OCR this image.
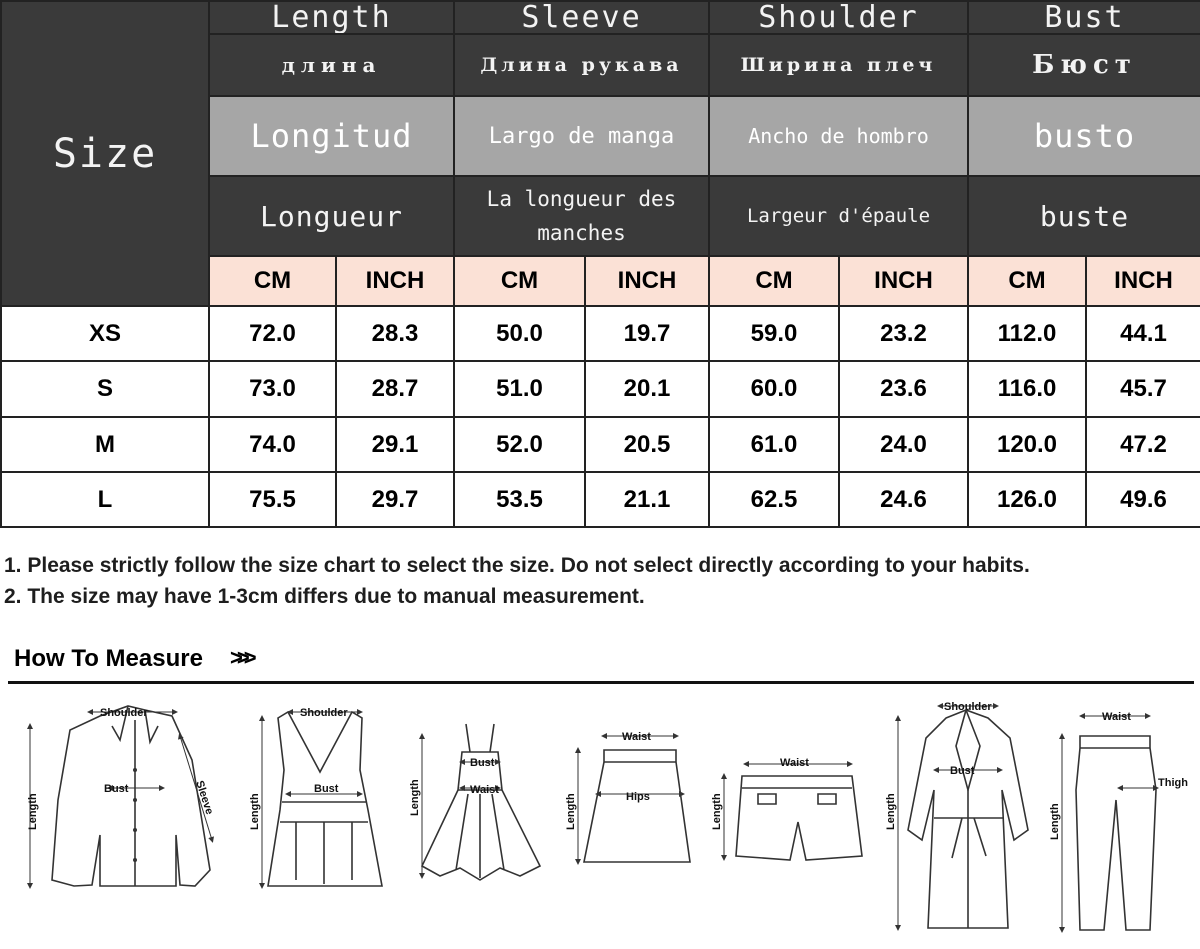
Size	Length		Sleeve		Shoulder		Bust	
	длина		Длина рукава		Ширина плеч		Бюст	
	Longitud		Largo de manga		Ancho de hombro		busto	
	Longueur		La longueur des manches		Largeur d'épaule		buste	
	CM	INCH	CM	INCH	CM	INCH	CM	INCH
XS	72.0	28.3	50.0	19.7	59.0	23.2	112.0	44.1
S	73.0	28.7	51.0	20.1	60.0	23.6	116.0	45.7
M	74.0	29.1	52.0	20.5	61.0	24.0	120.0	47.2
L	75.5	29.7	53.5	21.1	62.5	24.6	126.0	49.6
1. Please strictly follow the size chart to select the size. Do not select directly according to your habits.
2. The size may have 1-3cm differs due to manual measurement.
How To Measure >>>
Shoulder
Bust	Sleeve
Length
Shoulder
Bust
Length
Bust
Waist
Length
Waist
Hips
Length
Waist
Length
Shoulder
Bust
Length
Waist
Thigh
Length
